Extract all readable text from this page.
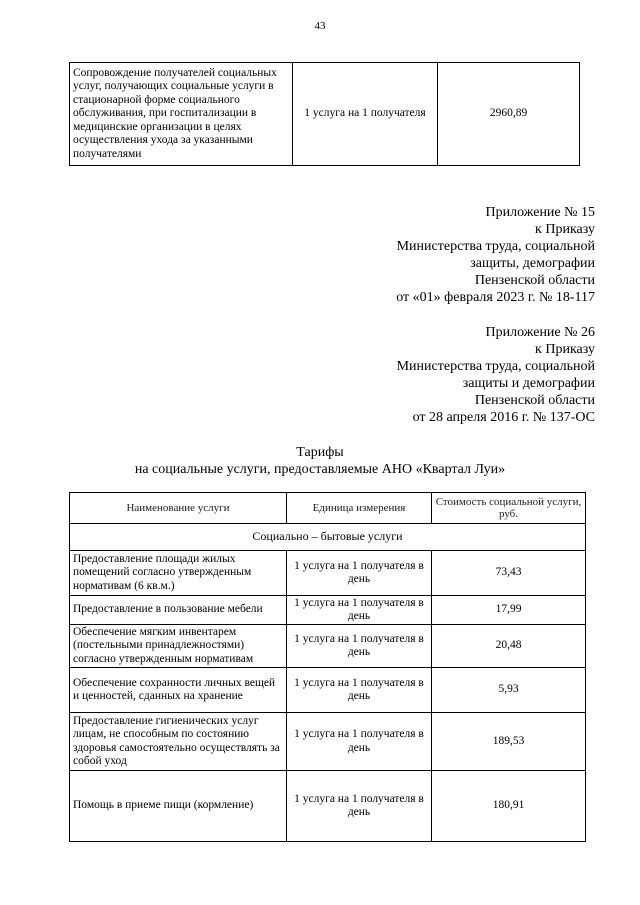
43
Сопровождение получателей социальных услуг, получающих социальные услуги в стационарной форме социального обслуживания, при госпитализации в медицинские организации в целях осуществления ухода за указанными получателями	1 услуга на 1 получателя	2960,89
Приложение № 15
к Приказу
Министерства труда, социальной
защиты, демографии
Пензенской области
от «01» февраля 2023 г. № 18-117
Приложение № 26
к Приказу
Министерства труда, социальной
защиты и демографии
Пензенской области
от 28 апреля 2016 г. № 137-ОС
Тарифы
на социальные услуги, предоставляемые АНО «Квартал Луи»
Наименование услуги	Единица измерения	Стоимость социальной услуги, руб.
Социально – бытовые услуги		
Предоставление площади жилых помещений согласно утвержденным нормативам (6 кв.м.)	1 услуга на 1 получателя в день	73,43
Предоставление в пользование мебели	1 услуга на 1 получателя в день	17,99
Обеспечение мягким инвентарем (постельными принадлежностями) согласно утвержденным нормативам	1 услуга на 1 получателя в день	20,48
Обеспечение сохранности личных вещей и ценностей, сданных на хранение	1 услуга на 1 получателя в день	5,93
Предоставление гигиенических услуг лицам, не способным по состоянию здоровья самостоятельно осуществлять за собой уход	1 услуга на 1 получателя в день	189,53
Помощь в приеме пищи (кормление)	1 услуга на 1 получателя в день	180,91
